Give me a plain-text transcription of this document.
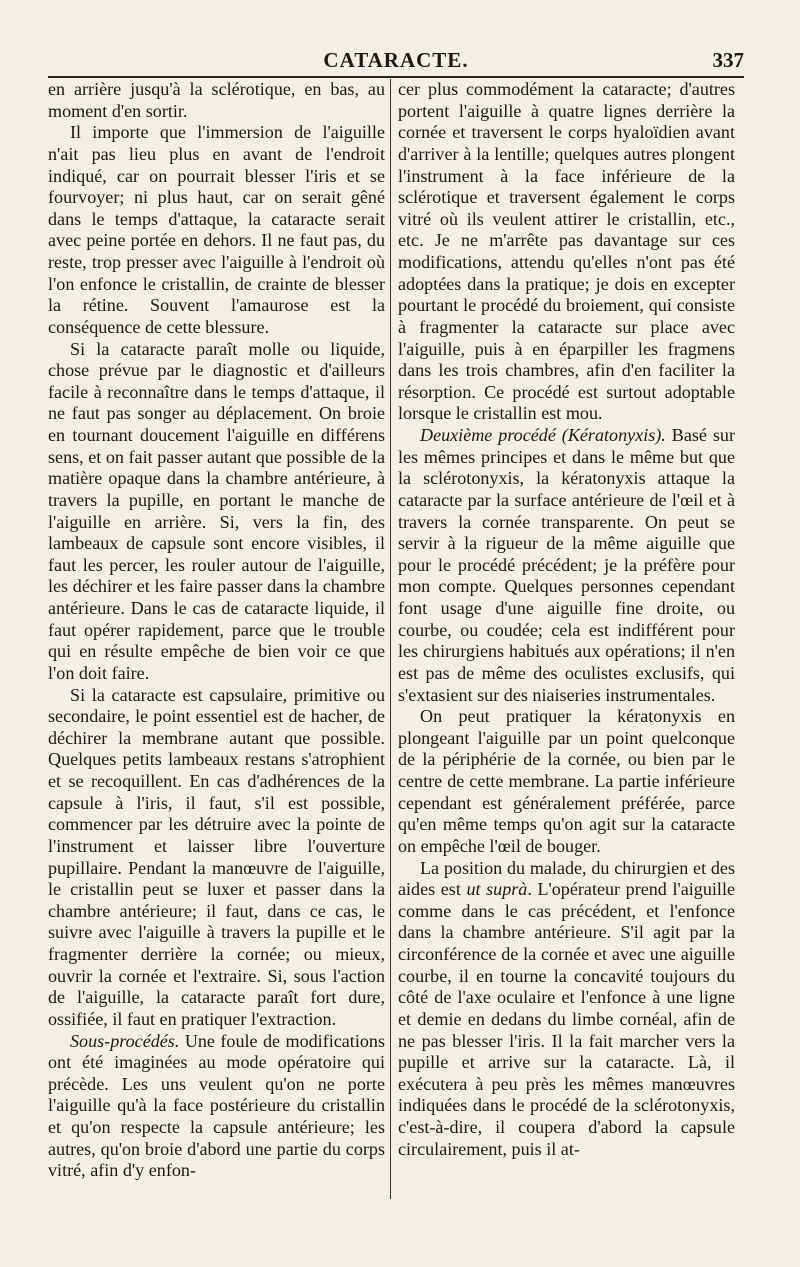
CATARACTE.	337

en arrière jusqu'à la sclérotique, en bas, au moment d'en sortir.

Il importe que l'immersion de l'aiguille n'ait pas lieu plus en avant de l'endroit indiqué, car on pourrait blesser l'iris et se fourvoyer; ni plus haut, car on serait gêné dans le temps d'attaque, la cataracte serait avec peine portée en dehors. Il ne faut pas, du reste, trop presser avec l'aiguille à l'endroit où l'on enfonce le cristallin, de crainte de blesser la rétine. Souvent l'amaurose est la conséquence de cette blessure.

Si la cataracte paraît molle ou liquide, chose prévue par le diagnostic et d'ailleurs facile à reconnaître dans le temps d'attaque, il ne faut pas songer au déplacement. On broie en tournant doucement l'aiguille en différens sens, et on fait passer autant que possible de la matière opaque dans la chambre antérieure, à travers la pupille, en portant le manche de l'aiguille en arrière. Si, vers la fin, des lambeaux de capsule sont encore visibles, il faut les percer, les rouler autour de l'aiguille, les déchirer et les faire passer dans la chambre antérieure. Dans le cas de cataracte liquide, il faut opérer rapidement, parce que le trouble qui en résulte empêche de bien voir ce que l'on doit faire.

Si la cataracte est capsulaire, primitive ou secondaire, le point essentiel est de hacher, de déchirer la membrane autant que possible. Quelques petits lambeaux restans s'atrophient et se recoquillent. En cas d'adhérences de la capsule à l'iris, il faut, s'il est possible, commencer par les détruire avec la pointe de l'instrument et laisser libre l'ouverture pupillaire. Pendant la manœuvre de l'aiguille, le cristallin peut se luxer et passer dans la chambre antérieure; il faut, dans ce cas, le suivre avec l'aiguille à travers la pupille et le fragmenter derrière la cornée; ou mieux, ouvrir la cornée et l'extraire. Si, sous l'action de l'aiguille, la cataracte paraît fort dure, ossifiée, il faut en pratiquer l'extraction.

Sous-procédés. Une foule de modifications ont été imaginées au mode opératoire qui précède. Les uns veulent qu'on ne porte l'aiguille qu'à la face postérieure du cristallin et qu'on respecte la capsule antérieure; les autres, qu'on broie d'abord une partie du corps vitré, afin d'y enfon-

cer plus commodément la cataracte; d'autres portent l'aiguille à quatre lignes derrière la cornée et traversent le corps hyaloïdien avant d'arriver à la lentille; quelques autres plongent l'instrument à la face inférieure de la sclérotique et traversent également le corps vitré où ils veulent attirer le cristallin, etc., etc. Je ne m'arrête pas davantage sur ces modifications, attendu qu'elles n'ont pas été adoptées dans la pratique; je dois en excepter pourtant le procédé du broiement, qui consiste à fragmenter la cataracte sur place avec l'aiguille, puis à en éparpiller les fragmens dans les trois chambres, afin d'en faciliter la résorption. Ce procédé est surtout adoptable lorsque le cristallin est mou.

Deuxième procédé (Kératonyxis). Basé sur les mêmes principes et dans le même but que la sclérotonyxis, la kératonyxis attaque la cataracte par la surface antérieure de l'œil et à travers la cornée transparente. On peut se servir à la rigueur de la même aiguille que pour le procédé précédent; je la préfère pour mon compte. Quelques personnes cependant font usage d'une aiguille fine droite, ou courbe, ou coudée; cela est indifférent pour les chirurgiens habitués aux opérations; il n'en est pas de même des oculistes exclusifs, qui s'extasient sur des niaiseries instrumentales.

On peut pratiquer la kératonyxis en plongeant l'aiguille par un point quelconque de la périphérie de la cornée, ou bien par le centre de cette membrane. La partie inférieure cependant est généralement préférée, parce qu'en même temps qu'on agit sur la cataracte on empêche l'œil de bouger.

La position du malade, du chirurgien et des aides est ut suprà. L'opérateur prend l'aiguille comme dans le cas précédent, et l'enfonce dans la chambre antérieure. S'il agit par la circonférence de la cornée et avec une aiguille courbe, il en tourne la concavité toujours du côté de l'axe oculaire et l'enfonce à une ligne et demie en dedans du limbe cornéal, afin de ne pas blesser l'iris. Il la fait marcher vers la pupille et arrive sur la cataracte. Là, il exécutera à peu près les mêmes manœuvres indiquées dans le procédé de la sclérotonyxis, c'est-à-dire, il coupera d'abord la capsule circulairement, puis il at-
